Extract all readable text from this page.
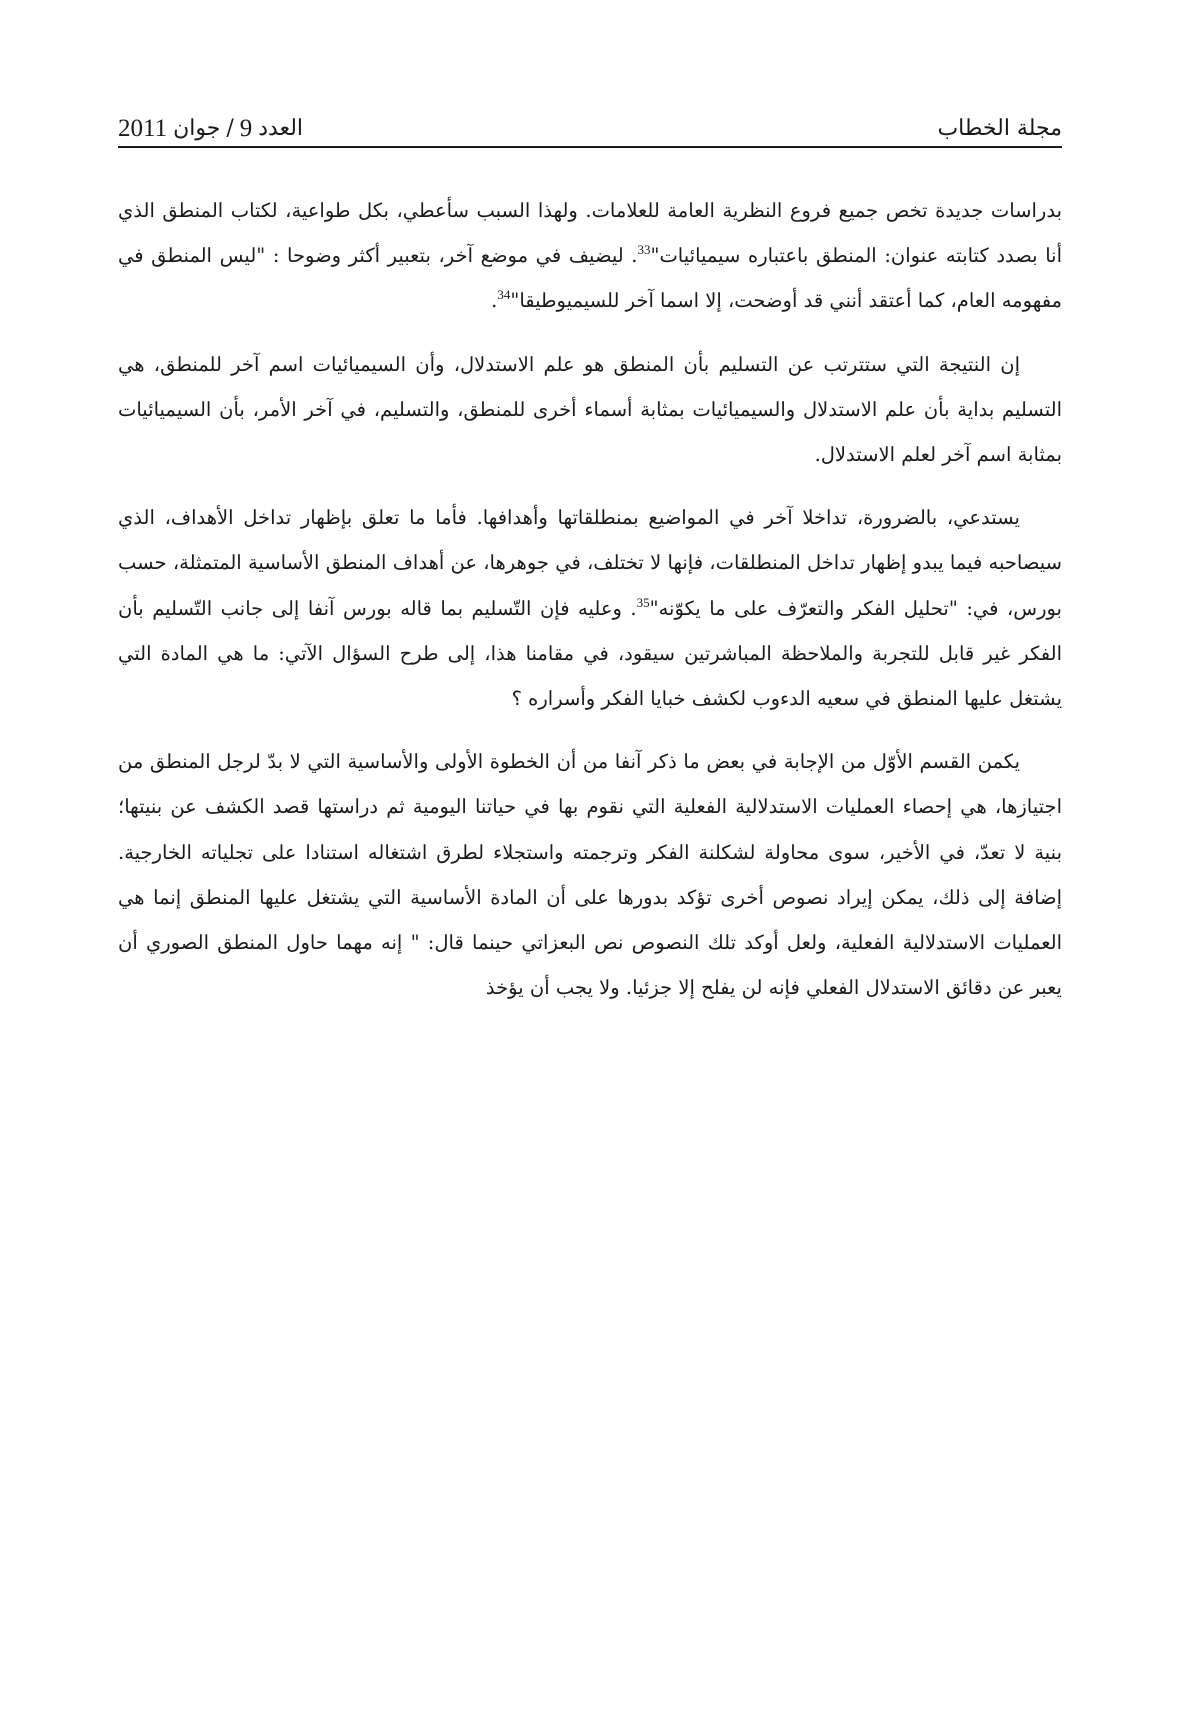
مجلة الخطاب
العدد
9
/
جوان
2011

بدراسات جديدة تخص جميع فروع النظرية العامة للعلامات. ولهذا السبب سأعطي، بكل طواعية، لكتاب المنطق الذي أنا بصدد كتابته عنوان: المنطق باعتباره سيميائيات"$^{33}$. ليضيف في موضع آخر، بتعبير أكثر وضوحا : "ليس المنطق في مفهومه العام، كما أعتقد أنني قد أوضحت، إلا اسما آخر للسيميوطيقا"$^{34}$.

إن النتيجة التي ستترتب عن التسليم بأن المنطق هو علم الاستدلال، وأن السيميائيات اسم آخر للمنطق، هي التسليم بداية بأن علم الاستدلال والسيميائيات بمثابة أسماء أخرى للمنطق، والتسليم، في آخر الأمر، بأن السيميائيات بمثابة اسم آخر لعلم الاستدلال.

يستدعي، بالضرورة، تداخلا آخر في المواضيع بمنطلقاتها وأهدافها. فأما ما تعلق بإظهار تداخل الأهداف، الذي سيصاحبه فيما يبدو إظهار تداخل المنطلقات، فإنها لا تختلف، في جوهرها، عن أهداف المنطق الأساسية المتمثلة، حسب بورس، في: "تحليل الفكر والتعرّف على ما يكوّنه"$^{35}$. وعليه فإن التّسليم بما قاله بورس آنفا إلى جانب التّسليم بأن الفكر غير قابل للتجربة والملاحظة المباشرتين سيقود، في مقامنا هذا، إلى طرح السؤال الآتي: ما هي المادة التي يشتغل عليها المنطق في سعيه الدءوب لكشف خبايا الفكر وأسراره ؟

يكمن القسم الأوّل من الإجابة في بعض ما ذكر آنفا من أن الخطوة الأولى والأساسية التي لا بدّ لرجل المنطق من اجتيازها، هي إحصاء العمليات الاستدلالية الفعلية التي نقوم بها في حياتنا اليومية ثم دراستها قصد الكشف عن بنيتها؛ بنية لا تعدّ، في الأخير، سوى محاولة لشكلنة الفكر وترجمته واستجلاء لطرق اشتغاله استنادا على تجلياته الخارجية. إضافة إلى ذلك، يمكن إيراد نصوص أخرى تؤكد بدورها على أن المادة الأساسية التي يشتغل عليها المنطق إنما هي العمليات الاستدلالية الفعلية، ولعل أوكد تلك النصوص نص البعزاتي حينما قال: " إنه مهما حاول المنطق الصوري أن يعبر عن دقائق الاستدلال الفعلي فإنه لن يفلح إلا جزئيا. ولا يجب أن يؤخذ
